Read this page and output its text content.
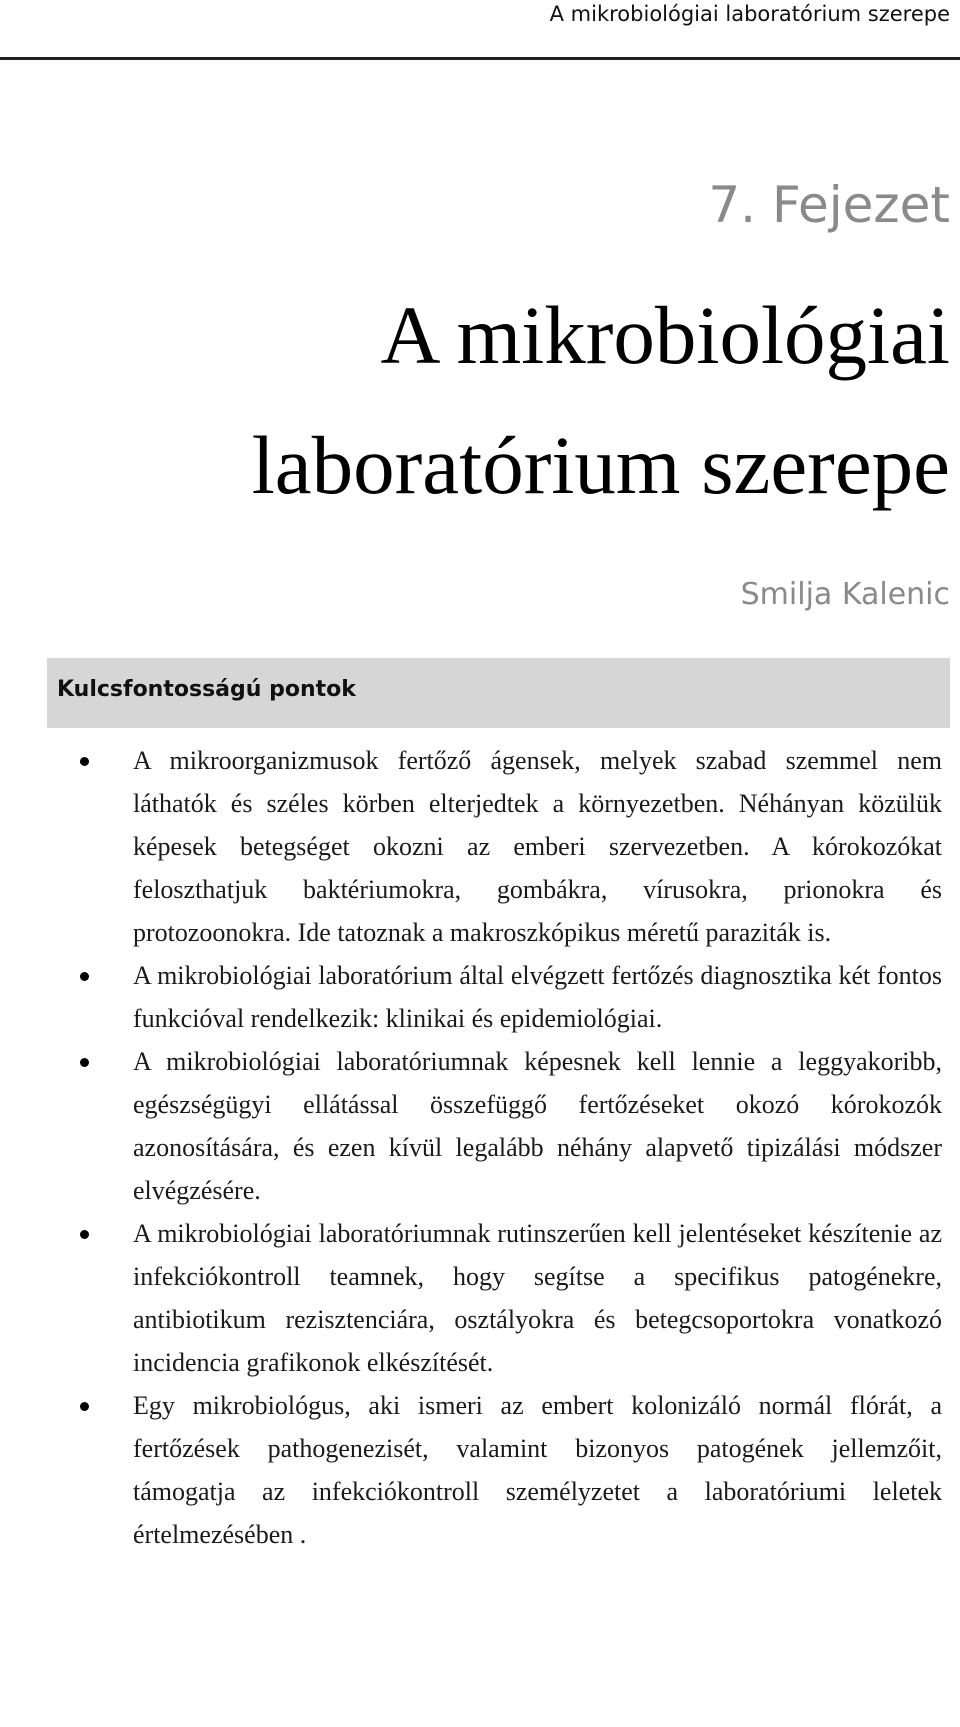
A mikrobiológiai laboratórium szerepe
7. Fejezet
A mikrobiológiai
laboratórium szerepe
Smilja Kalenic
Kulcsfontosságú pontok
A mikroorganizmusok fertőző ágensek, melyek szabad szemmel nem láthatók és széles körben elterjedtek a környezetben. Néhányan közülük képesek betegséget okozni az emberi szervezetben. A kórokozókat feloszthatjuk baktériumokra, gombákra, vírusokra, prionokra és protozoonokra. Ide tatoznak a makroszkópikus méretű paraziták is.
A mikrobiológiai laboratórium által elvégzett fertőzés diagnosztika két fontos funkcióval rendelkezik: klinikai és epidemiológiai.
A mikrobiológiai laboratóriumnak képesnek kell lennie a leggyakoribb, egészségügyi ellátással összefüggő fertőzéseket okozó kórokozók azonosítására, és ezen kívül legalább néhány alapvető tipizálási módszer elvégzésére.
A mikrobiológiai laboratóriumnak rutinszerűen kell jelentéseket készítenie az infekciókontroll teamnek, hogy segítse a specifikus patogénekre, antibiotikum rezisztenciára, osztályokra és betegcsoportokra vonatkozó incidencia grafikonok elkészítését.
Egy mikrobiológus, aki ismeri az embert kolonizáló normál flórát, a fertőzések pathogenezisét, valamint bizonyos patogének jellemzőit, támogatja az infekciókontroll személyzetet a laboratóriumi leletek értelmezésében .
